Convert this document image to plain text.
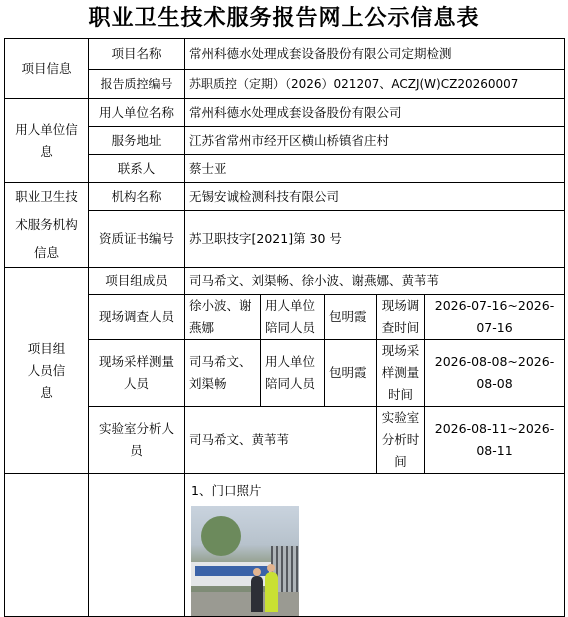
职业卫生技术服务报告网上公示信息表
项目信息	项目名称	常州科德水处理成套设备股份有限公司定期检测				
	报告质控编号	苏职质控（定期）（2026）021207、ACZJ(W)CZ20260007				
用人单位信息	用人单位名称	常州科德水处理成套设备股份有限公司				
	服务地址	江苏省常州市经开区横山桥镇省庄村				
	联系人	蔡士亚				
职业卫生技术服务机构信息	机构名称	无锡安诚检测科技有限公司				
	资质证书编号	苏卫职技字[2021]第 30 号				
项目组人员信息	项目组成员	司马希文、刘渠畅、徐小波、谢燕娜、黄苇苇				
	现场调查人员	徐小波、谢燕娜	用人单位陪同人员	包明霞	现场调查时间	2026-07-16~2026-07-16
	现场采样测量人员	司马希文、刘渠畅	用人单位陪同人员	包明霞	现场采样测量时间	2026-08-08~2026-08-08
	实验室分析人员	司马希文、黄苇苇			实验室分析时间	2026-08-11~2026-08-11

		1、门口照片				
